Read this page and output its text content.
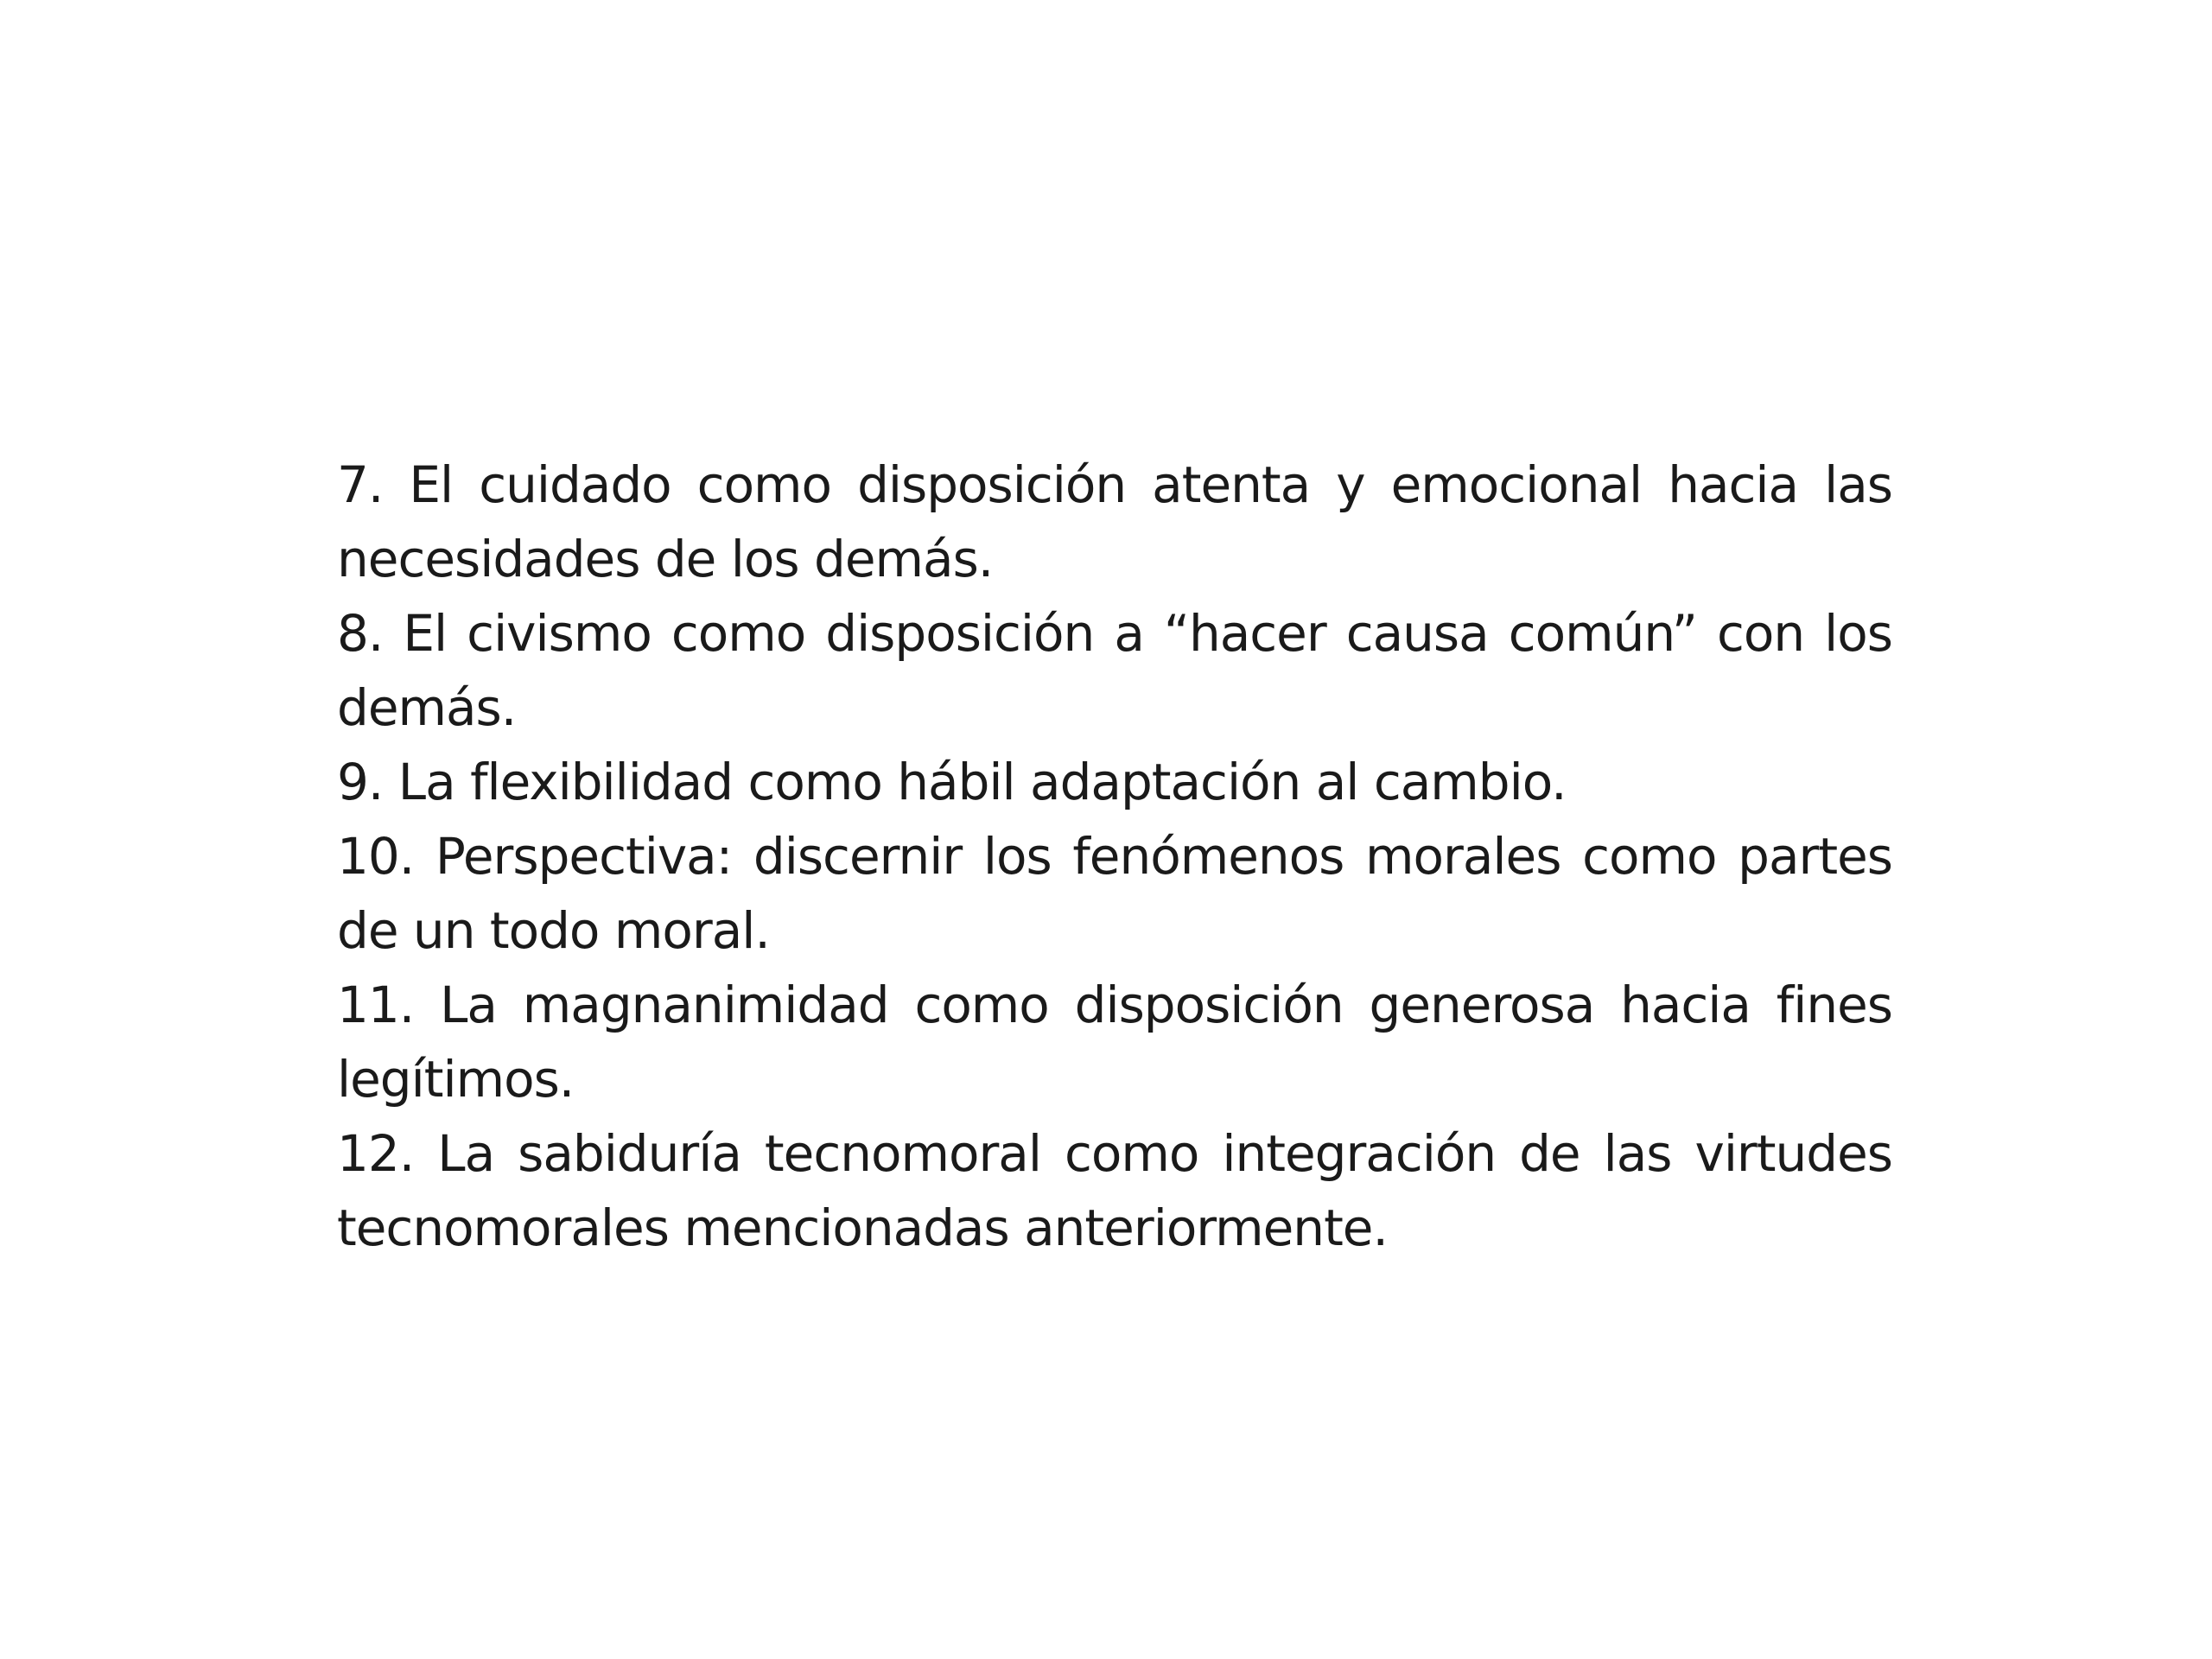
7. El cuidado como disposición atenta y emocional hacia las necesidades de los demás.

8. El civismo como disposición a “hacer causa común” con los demás.

9. La flexibilidad como hábil adaptación al cambio.

10. Perspectiva: discernir los fenómenos morales como partes de un todo moral.

11. La magnanimidad como disposición generosa hacia fines legítimos.

12. La sabiduría tecnomoral como integración de las virtudes tecnomorales mencionadas anteriormente.
